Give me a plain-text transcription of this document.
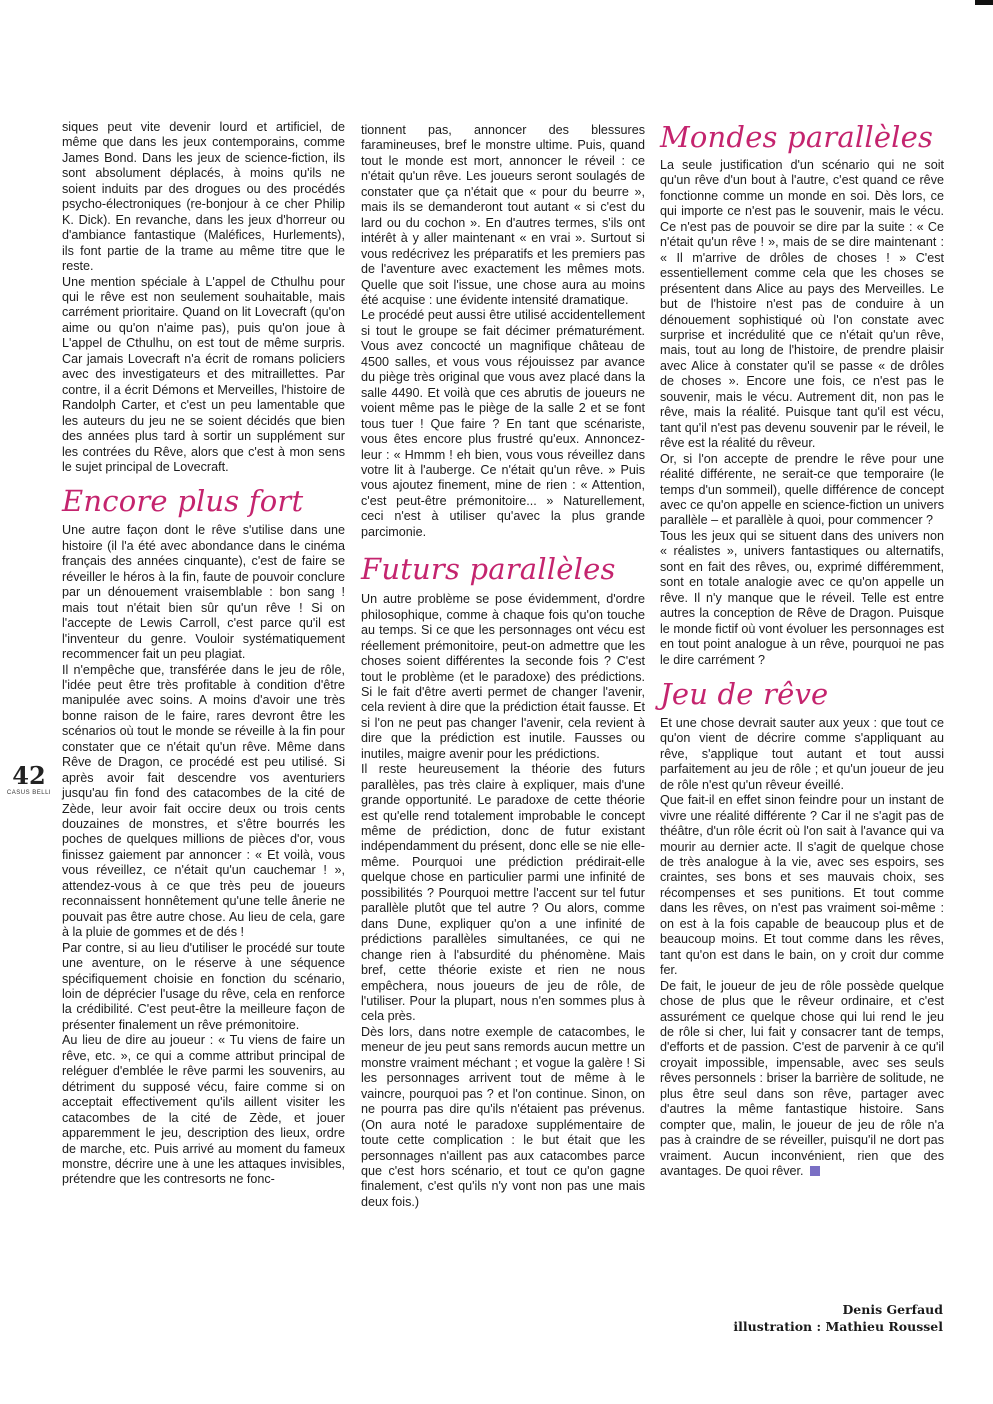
42
CASUS BELLI

siques peut vite devenir lourd et artificiel, de même que dans les jeux contemporains, comme James Bond. Dans les jeux de science-fiction, ils sont absolument déplacés, à moins qu'ils ne soient induits par des drogues ou des procédés psycho-électroniques (re-bonjour à ce cher Philip K. Dick). En revanche, dans les jeux d'horreur ou d'ambiance fantastique (Maléfices, Hurlements), ils font partie de la trame au même titre que le reste.

Une mention spéciale à L'appel de Cthulhu pour qui le rêve est non seulement souhaitable, mais carrément prioritaire. Quand on lit Lovecraft (qu'on aime ou qu'on n'aime pas), puis qu'on joue à L'appel de Cthulhu, on est tout de même surpris. Car jamais Lovecraft n'a écrit de romans policiers avec des investigateurs et des mitraillettes. Par contre, il a écrit Démons et Merveilles, l'histoire de Randolph Carter, et c'est un peu lamentable que les auteurs du jeu ne se soient décidés que bien des années plus tard à sortir un supplément sur les contrées du Rêve, alors que c'est à mon sens le sujet principal de Lovecraft.

Encore plus fort

Une autre façon dont le rêve s'utilise dans une histoire (il l'a été avec abondance dans le cinéma français des années cinquante), c'est de faire se réveiller le héros à la fin, faute de pouvoir conclure par un dénouement vraisemblable : bon sang ! mais tout n'était bien sûr qu'un rêve ! Si on l'accepte de Lewis Carroll, c'est parce qu'il est l'inventeur du genre. Vouloir systématiquement recommencer fait un peu plagiat.

Il n'empêche que, transférée dans le jeu de rôle, l'idée peut être très profitable à condition d'être manipulée avec soins. A moins d'avoir une très bonne raison de le faire, rares devront être les scénarios où tout le monde se réveille à la fin pour constater que ce n'était qu'un rêve. Même dans Rêve de Dragon, ce procédé est peu utilisé. Si après avoir fait descendre vos aventuriers jusqu'au fin fond des catacombes de la cité de Zède, leur avoir fait occire deux ou trois cents douzaines de monstres, et s'être bourrés les poches de quelques millions de pièces d'or, vous finissez gaiement par annoncer : « Et voilà, vous vous réveillez, ce n'était qu'un cauchemar ! », attendez-vous à ce que très peu de joueurs reconnaissent honnêtement qu'une telle ânerie ne pouvait pas être autre chose. Au lieu de cela, gare à la pluie de gommes et de dés !

Par contre, si au lieu d'utiliser le procédé sur toute une aventure, on le réserve à une séquence spécifiquement choisie en fonction du scénario, loin de déprécier l'usage du rêve, cela en renforce la crédibilité. C'est peut-être la meilleure façon de présenter finalement un rêve prémonitoire.

Au lieu de dire au joueur : « Tu viens de faire un rêve, etc. », ce qui a comme attribut principal de reléguer d'emblée le rêve parmi les souvenirs, au détriment du supposé vécu, faire comme si on acceptait effectivement qu'ils aillent visiter les catacombes de la cité de Zède, et jouer apparemment le jeu, description des lieux, ordre de marche, etc. Puis arrivé au moment du fameux monstre, décrire une à une les attaques invisibles, prétendre que les contresorts ne fonc-

tionnent pas, annoncer des blessures faramineuses, bref le monstre ultime. Puis, quand tout le monde est mort, annoncer le réveil : ce n'était qu'un rêve. Les joueurs seront soulagés de constater que ça n'était que « pour du beurre », mais ils se demanderont tout autant « si c'est du lard ou du cochon ». En d'autres termes, s'ils ont intérêt à y aller maintenant « en vrai ». Surtout si vous redécrivez les préparatifs et les premiers pas de l'aventure avec exactement les mêmes mots. Quelle que soit l'issue, une chose aura au moins été acquise : une évidente intensité dramatique.

Le procédé peut aussi être utilisé accidentellement si tout le groupe se fait décimer prématurément. Vous avez concocté un magnifique château de 4500 salles, et vous vous réjouissez par avance du piège très original que vous avez placé dans la salle 4490. Et voilà que ces abrutis de joueurs ne voient même pas le piège de la salle 2 et se font tous tuer ! Que faire ? En tant que scénariste, vous êtes encore plus frustré qu'eux. Annoncez-leur : « Hmmm ! eh bien, vous vous réveillez dans votre lit à l'auberge. Ce n'était qu'un rêve. » Puis vous ajoutez finement, mine de rien : « Attention, c'est peut-être prémonitoire... » Naturellement, ceci n'est à utiliser qu'avec la plus grande parcimonie.

Futurs parallèles

Un autre problème se pose évidemment, d'ordre philosophique, comme à chaque fois qu'on touche au temps. Si ce que les personnages ont vécu est réellement prémonitoire, peut-on admettre que les choses soient différentes la seconde fois ? C'est tout le problème (et le paradoxe) des prédictions. Si le fait d'être averti permet de changer l'avenir, cela revient à dire que la prédiction était fausse. Et si l'on ne peut pas changer l'avenir, cela revient à dire que la prédiction est inutile. Fausses ou inutiles, maigre avenir pour les prédictions.

Il reste heureusement la théorie des futurs parallèles, pas très claire à expliquer, mais d'une grande opportunité. Le paradoxe de cette théorie est qu'elle rend totalement improbable le concept même de prédiction, donc de futur existant indépendamment du présent, donc elle se nie elle-même. Pourquoi une prédiction prédirait-elle quelque chose en particulier parmi une infinité de possibilités ? Pourquoi mettre l'accent sur tel futur parallèle plutôt que tel autre ? Ou alors, comme dans Dune, expliquer qu'on a une infinité de prédictions parallèles simultanées, ce qui ne change rien à l'absurdité du phénomène. Mais bref, cette théorie existe et rien ne nous empêchera, nous joueurs de jeu de rôle, de l'utiliser. Pour la plupart, nous n'en sommes plus à cela près.

Dès lors, dans notre exemple de catacombes, le meneur de jeu peut sans remords aucun mettre un monstre vraiment méchant ; et vogue la galère ! Si les personnages arrivent tout de même à le vaincre, pourquoi pas ? et l'on continue. Sinon, on ne pourra pas dire qu'ils n'étaient pas prévenus. (On aura noté le paradoxe supplémentaire de toute cette complication : le but était que les personnages n'aillent pas aux catacombes parce que c'est hors scénario, et tout ce qu'on gagne finalement, c'est qu'ils n'y vont non pas une mais deux fois.)

Mondes parallèles

La seule justification d'un scénario qui ne soit qu'un rêve d'un bout à l'autre, c'est quand ce rêve fonctionne comme un monde en soi. Dès lors, ce qui importe ce n'est pas le souvenir, mais le vécu. Ce n'est pas de pouvoir se dire par la suite : « Ce n'était qu'un rêve ! », mais de se dire maintenant : « Il m'arrive de drôles de choses ! » C'est essentiellement comme cela que les choses se présentent dans Alice au pays des Merveilles. Le but de l'histoire n'est pas de conduire à un dénouement sophistiqué où l'on constate avec surprise et incrédulité que ce n'était qu'un rêve, mais, tout au long de l'histoire, de prendre plaisir avec Alice à constater qu'il se passe « de drôles de choses ». Encore une fois, ce n'est pas le souvenir, mais le vécu. Autrement dit, non pas le rêve, mais la réalité. Puisque tant qu'il est vécu, tant qu'il n'est pas devenu souvenir par le réveil, le rêve est la réalité du rêveur.

Or, si l'on accepte de prendre le rêve pour une réalité différente, ne serait-ce que temporaire (le temps d'un sommeil), quelle différence de concept avec ce qu'on appelle en science-fiction un univers parallèle – et parallèle à quoi, pour commencer ?

Tous les jeux qui se situent dans des univers non « réalistes », univers fantastiques ou alternatifs, sont en fait des rêves, ou, exprimé différemment, sont en totale analogie avec ce qu'on appelle un rêve. Il n'y manque que le réveil. Telle est entre autres la conception de Rêve de Dragon. Puisque le monde fictif où vont évoluer les personnages est en tout point analogue à un rêve, pourquoi ne pas le dire carrément ?

Jeu de rêve

Et une chose devrait sauter aux yeux : que tout ce qu'on vient de décrire comme s'appliquant au rêve, s'applique tout autant et tout aussi parfaitement au jeu de rôle ; et qu'un joueur de jeu de rôle n'est qu'un rêveur éveillé.

Que fait-il en effet sinon feindre pour un instant de vivre une réalité différente ? Car il ne s'agit pas de théâtre, d'un rôle écrit où l'on sait à l'avance qui va mourir au dernier acte. Il s'agit de quelque chose de très analogue à la vie, avec ses espoirs, ses craintes, ses bons et ses mauvais choix, ses récompenses et ses punitions. Et tout comme dans les rêves, on n'est pas vraiment soi-même : on est à la fois capable de beaucoup plus et de beaucoup moins. Et tout comme dans les rêves, tant qu'on est dans le bain, on y croit dur comme fer.

De fait, le joueur de jeu de rôle possède quelque chose de plus que le rêveur ordinaire, et c'est assurément ce quelque chose qui lui rend le jeu de rôle si cher, lui fait y consacrer tant de temps, d'efforts et de passion. C'est de parvenir à ce qu'il croyait impossible, impensable, avec ses seuls rêves personnels : briser la barrière de solitude, ne plus être seul dans son rêve, partager avec d'autres la même fantastique histoire. Sans compter que, malin, le joueur de jeu de rôle n'a pas à craindre de se réveiller, puisqu'il ne dort pas vraiment. Aucun inconvénient, rien que des avantages. De quoi rêver.

Denis Gerfaud
illustration : Mathieu Roussel
